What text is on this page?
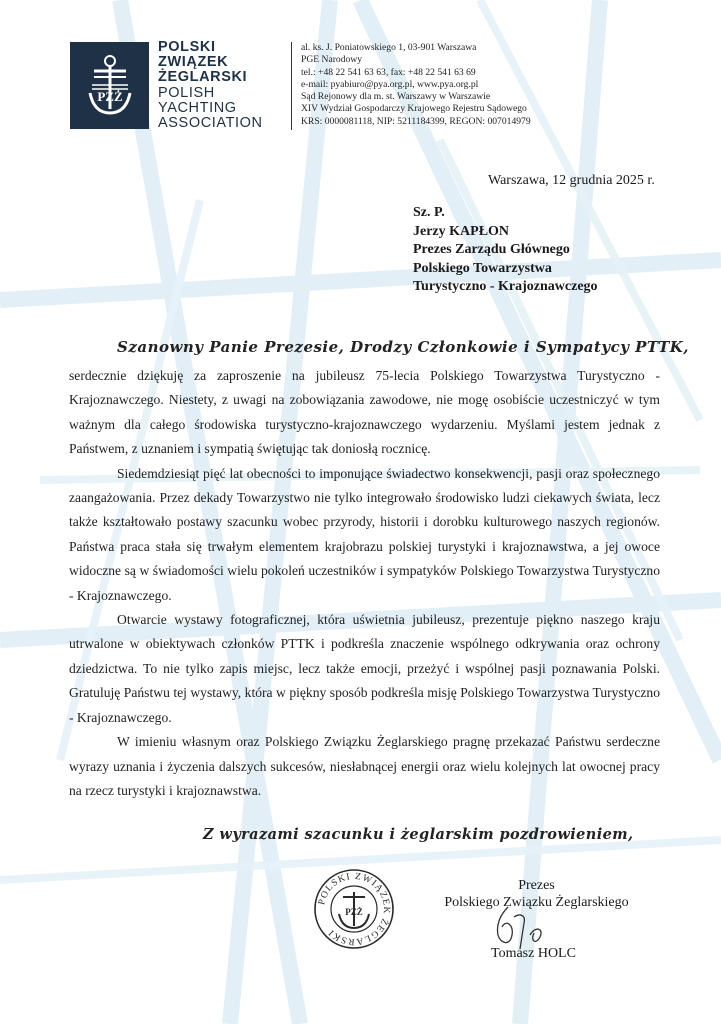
PZŻ
POLSKI
ZWIĄZEK
ŻEGLARSKI
POLISH
YACHTING
ASSOCIATION
al. ks. J. Poniatowskiego 1, 03-901 Warszawa
PGE Narodowy
tel.: +48 22 541 63 63, fax: +48 22 541 63 69
e-mail: pyabiuro@pya.org.pl, www.pya.org.pl
Sąd Rejonowy dla m. st. Warszawy w Warszawie
XIV Wydział Gospodarczy Krajowego Rejestru Sądowego
KRS: 0000081118, NIP: 5211184399, REGON: 007014979
Warszawa, 12 grudnia 2025 r.
Sz. P.
Jerzy KAPŁON
Prezes Zarządu Głównego
Polskiego Towarzystwa
Turystyczno - Krajoznawczego
Szanowny Panie Prezesie, Drodzy Członkowie i Sympatycy PTTK,

serdecznie dziękuję za zaproszenie na jubileusz 75-lecia Polskiego Towarzystwa Turystyczno - Krajoznawczego. Niestety, z uwagi na zobowiązania zawodowe, nie mogę osobiście uczestniczyć w tym ważnym dla całego środowiska turystyczno-krajoznawczego wydarzeniu. Myślami jestem jednak z Państwem, z uznaniem i sympatią świętując tak doniosłą rocznicę.

Siedemdziesiąt pięć lat obecności to imponujące świadectwo konsekwencji, pasji oraz społecznego zaangażowania. Przez dekady Towarzystwo nie tylko integrowało środowisko ludzi ciekawych świata, lecz także kształtowało postawy szacunku wobec przyrody, historii i dorobku kulturowego naszych regionów. Państwa praca stała się trwałym elementem krajobrazu polskiej turystyki i krajoznawstwa, a jej owoce widoczne są w świadomości wielu pokoleń uczestników i sympatyków Polskiego Towarzystwa Turystyczno - Krajoznawczego.

Otwarcie wystawy fotograficznej, która uświetnia jubileusz, prezentuje piękno naszego kraju utrwalone w obiektywach członków PTTK i podkreśla znaczenie wspólnego odkrywania oraz ochrony dziedzictwa. To nie tylko zapis miejsc, lecz także emocji, przeżyć i wspólnej pasji poznawania Polski. Gratuluję Państwu tej wystawy, która w piękny sposób podkreśla misję Polskiego Towarzystwa Turystyczno - Krajoznawczego.

W imieniu własnym oraz Polskiego Związku Żeglarskiego pragnę przekazać Państwu serdeczne wyrazy uznania i życzenia dalszych sukcesów, niesłabnącej energii oraz wielu kolejnych lat owocnej pracy na rzecz turystyki i krajoznawstwa.

Z wyrazami szacunku i żeglarskim pozdrowieniem,
POLSKI ZWIĄZEK ŻEGLARSKI
PZŻ
Prezes
Polskiego Związku Żeglarskiego
Tomasz HOLC
